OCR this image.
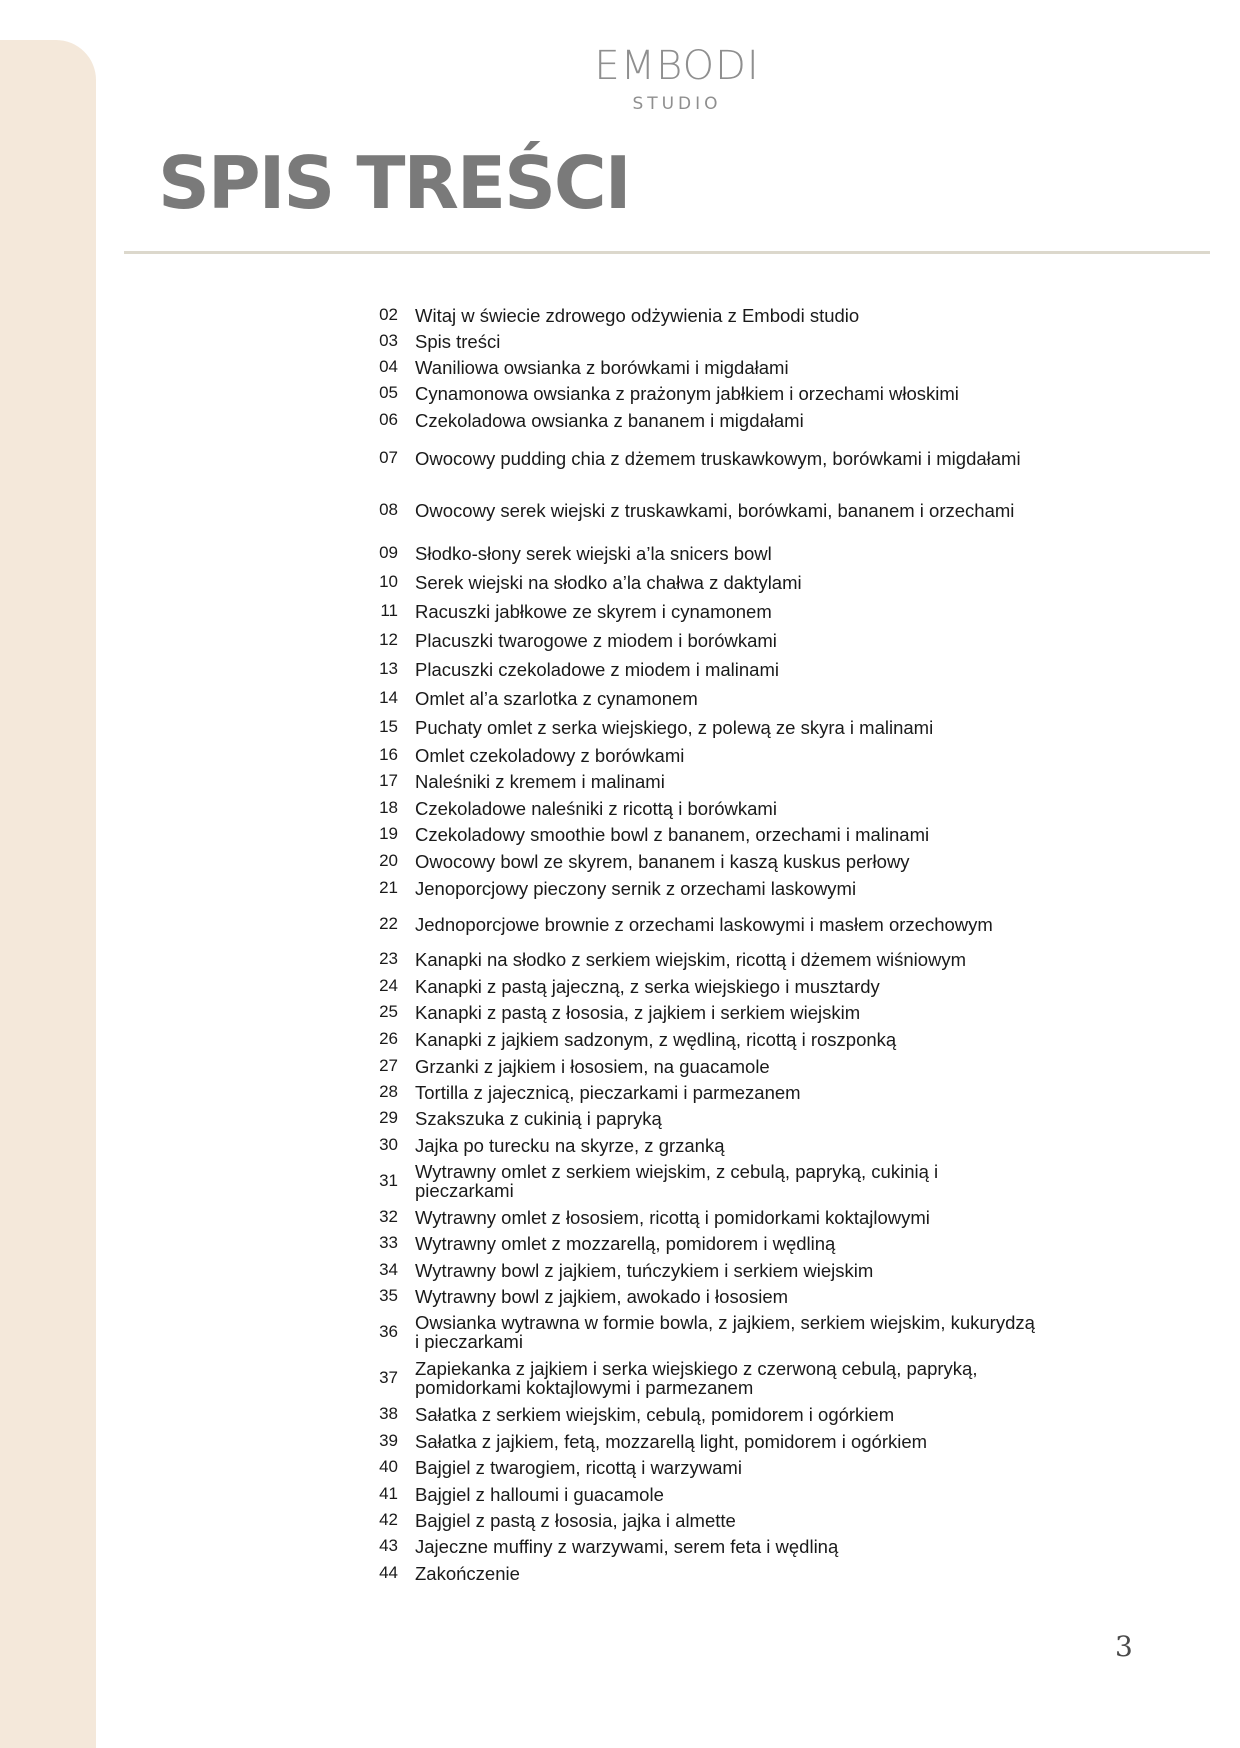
EMBODI
STUDIO
SPIS TREŚCI
02 Witaj w świecie zdrowego odżywienia z Embodi studio
03 Spis treści
04 Waniliowa owsianka z borówkami i migdałami
05 Cynamonowa owsianka z prażonym jabłkiem i orzechami włoskimi
06 Czekoladowa owsianka z bananem i migdałami
07 Owocowy pudding chia z dżemem truskawkowym, borówkami i migdałami
08 Owocowy serek wiejski z truskawkami, borówkami, bananem i orzechami
09 Słodko-słony serek wiejski a’la snicers bowl
10 Serek wiejski na słodko a’la chałwa z daktylami
11 Racuszki jabłkowe ze skyrem i cynamonem
12 Placuszki twarogowe z miodem i borówkami
13 Placuszki czekoladowe z miodem i malinami
14 Omlet al’a szarlotka z cynamonem
15 Puchaty omlet z serka wiejskiego, z polewą ze skyra i malinami
16 Omlet czekoladowy z borówkami
17 Naleśniki z kremem i malinami
18 Czekoladowe naleśniki z ricottą i borówkami
19 Czekoladowy smoothie bowl z bananem, orzechami i malinami
20 Owocowy bowl ze skyrem, bananem i kaszą kuskus perłowy
21 Jenoporcjowy pieczony sernik z orzechami laskowymi
22 Jednoporcjowe brownie z orzechami laskowymi i masłem orzechowym
23 Kanapki na słodko z serkiem wiejskim, ricottą i dżemem wiśniowym
24 Kanapki z pastą jajeczną, z serka wiejskiego i musztardy
25 Kanapki z pastą z łososia, z jajkiem i serkiem wiejskim
26 Kanapki z jajkiem sadzonym, z wędliną, ricottą i roszponką
27 Grzanki z jajkiem i łososiem, na guacamole
28 Tortilla z jajecznicą, pieczarkami i parmezanem
29 Szakszuka z cukinią i papryką
30 Jajka po turecku na skyrze, z grzanką
31 Wytrawny omlet z serkiem wiejskim, z cebulą, papryką, cukinią i pieczarkami
32 Wytrawny omlet z łososiem, ricottą i pomidorkami koktajlowymi
33 Wytrawny omlet z mozzarellą, pomidorem i wędliną
34 Wytrawny bowl z jajkiem, tuńczykiem i serkiem wiejskim
35 Wytrawny bowl z jajkiem, awokado i łososiem
36 Owsianka wytrawna w formie bowla, z jajkiem, serkiem wiejskim, kukurydzą i pieczarkami
37 Zapiekanka z jajkiem i serka wiejskiego z czerwoną cebulą, papryką, pomidorkami koktajlowymi i parmezanem
38 Sałatka z serkiem wiejskim, cebulą, pomidorem i ogórkiem
39 Sałatka z jajkiem, fetą, mozzarellą light, pomidorem i ogórkiem
40 Bajgiel z twarogiem, ricottą i warzywami
41 Bajgiel z halloumi i guacamole
42 Bajgiel z pastą z łososia, jajka i almette
43 Jajeczne muffiny z warzywami, serem feta i wędliną
44 Zakończenie
3
